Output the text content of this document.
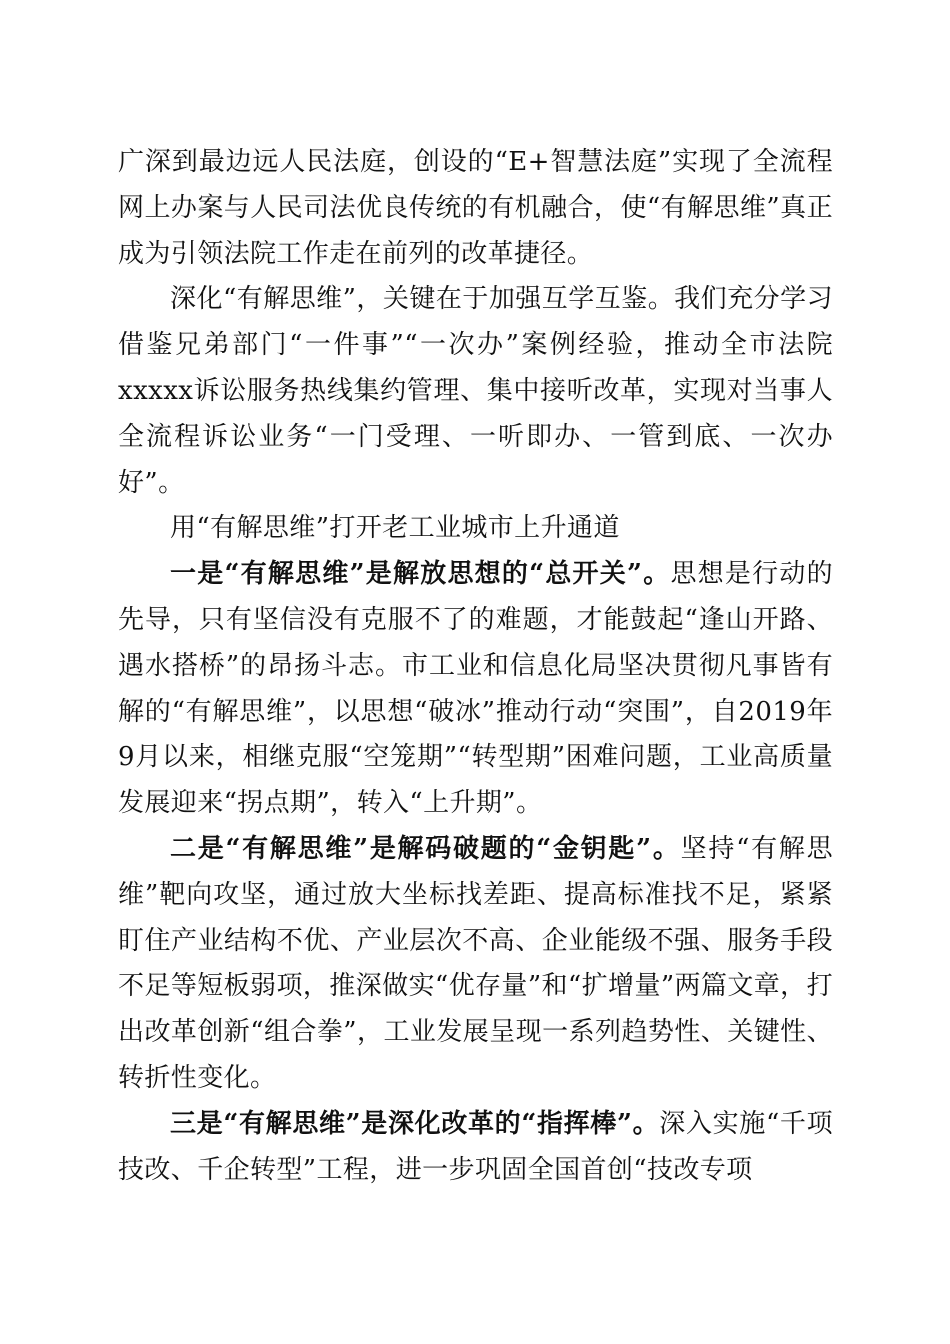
广深到最边远人民法庭，创设的“E+智慧法庭”实现了全流程网上办案与人民司法优良传统的有机融合，使“有解思维”真正成为引领法院工作走在前列的改革捷径。

深化“有解思维”，关键在于加强互学互鉴。我们充分学习借鉴兄弟部门“一件事”“一次办”案例经验，推动全市法院xxxxx诉讼服务热线集约管理、集中接听改革，实现对当事人全流程诉讼业务“一门受理、一听即办、一管到底、一次办好”。

用“有解思维”打开老工业城市上升通道

一是“有解思维”是解放思想的“总开关”。思想是行动的先导，只有坚信没有克服不了的难题，才能鼓起“逢山开路、遇水搭桥”的昂扬斗志。市工业和信息化局坚决贯彻凡事皆有解的“有解思维”，以思想“破冰”推动行动“突围”，自2019年9月以来，相继克服“空笼期”“转型期”困难问题，工业高质量发展迎来“拐点期”，转入“上升期”。

二是“有解思维”是解码破题的“金钥匙”。坚持“有解思维”靶向攻坚，通过放大坐标找差距、提高标准找不足，紧紧盯住产业结构不优、产业层次不高、企业能级不强、服务手段不足等短板弱项，推深做实“优存量”和“扩增量”两篇文章，打出改革创新“组合拳”，工业发展呈现一系列趋势性、关键性、转折性变化。

三是“有解思维”是深化改革的“指挥棒”。深入实施“千项技改、千企转型”工程，进一步巩固全国首创“技改专项
